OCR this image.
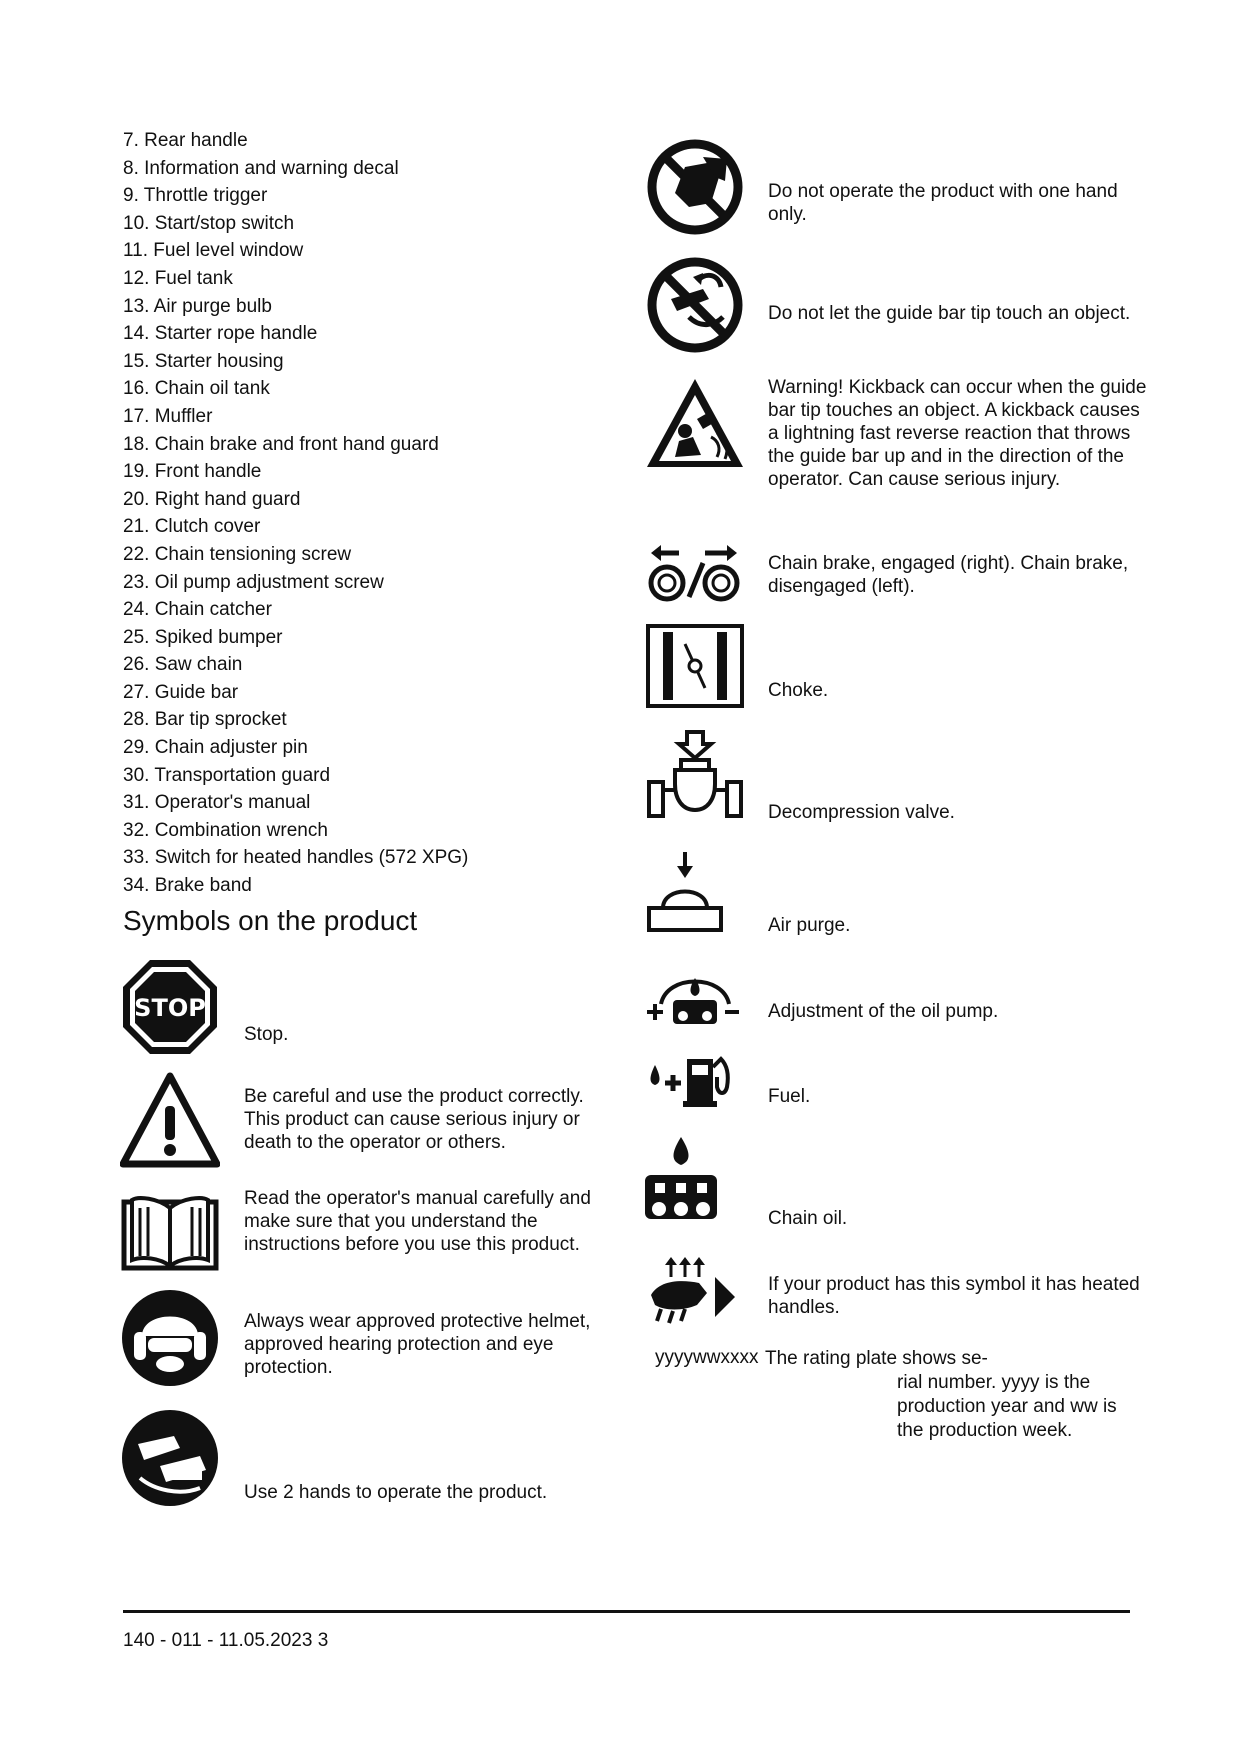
7. Rear handle
8. Information and warning decal
9. Throttle trigger
10. Start/stop switch
11. Fuel level window
12. Fuel tank
13. Air purge bulb
14. Starter rope handle
15. Starter housing
16. Chain oil tank
17. Muffler
18. Chain brake and front hand guard
19. Front handle
20. Right hand guard
21. Clutch cover
22. Chain tensioning screw
23. Oil pump adjustment screw
24. Chain catcher
25. Spiked bumper
26. Saw chain
27. Guide bar
28. Bar tip sprocket
29. Chain adjuster pin
30. Transportation guard
31. Operator's manual
32. Combination wrench
33. Switch for heated handles (572 XPG)
34. Brake band
Symbols on the product
STOP
Stop.
Be careful and use the product correctly. This product can cause serious injury or death to the operator or others.
Read the operator's manual carefully and make sure that you understand the instructions before you use this product.
Always wear approved protective helmet, approved hearing protection and eye protection.
Use 2 hands to operate the product.
Do not operate the product with one hand only.
Do not let the guide bar tip touch an object.
Warning! Kickback can occur when the guide bar tip touches an object. A kickback causes a lightning fast reverse reaction that throws the guide bar up and in the direction of the operator. Can cause serious injury.
Chain brake, engaged (right). Chain brake, disengaged (left).
Choke.
Decompression valve.
Air purge.
Adjustment of the oil pump.
Fuel.
Chain oil.
If your product has this symbol it has heated handles.
yyyywwxxxx The rating plate shows se-
rial number. yyyy is the production year and ww is the production week.
140 - 011 - 11.05.2023 3
